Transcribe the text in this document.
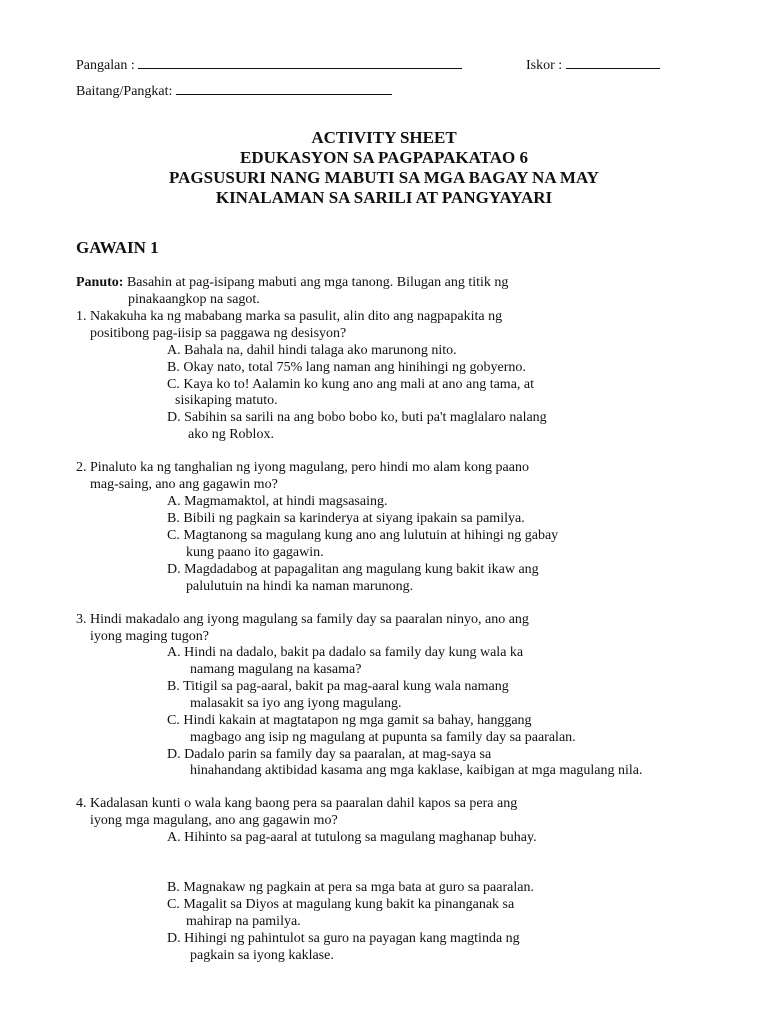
Pangalan :	Iskor :
Baitang/Pangkat:
ACTIVITY SHEET
EDUKASYON SA PAGPAPAKATAO 6
PAGSUSURI NANG MABUTI SA MGA BAGAY NA MAY
KINALAMAN SA SARILI AT PANGYAYARI
GAWAIN 1
Panuto: Basahin at pag-isipang mabuti ang mga tanong. Bilugan ang titik ng
pinakaangkop na sagot.
1. Nakakuha ka ng mababang marka sa pasulit, alin dito ang nagpapakita ng
positibong pag-iisip sa paggawa ng desisyon?
A. Bahala na, dahil hindi talaga ako marunong nito.
B. Okay nato, total 75% lang naman ang hinihingi ng gobyerno.
C. Kaya ko to! Aalamin ko kung ano ang mali at ano ang tama, at
sisikaping matuto.
D. Sabihin sa sarili na ang bobo bobo ko, buti pa't maglalaro nalang
ako ng Roblox.
2. Pinaluto ka ng tanghalian ng iyong magulang, pero hindi mo alam kong paano
mag-saing, ano ang gagawin mo?
A. Magmamaktol, at hindi magsasaing.
B. Bibili ng pagkain sa karinderya at siyang ipakain sa pamilya.
C. Magtanong sa magulang kung ano ang lulutuin at hihingi ng gabay
kung paano ito gagawin.
D. Magdadabog at papagalitan ang magulang kung bakit ikaw ang
palulutuin na hindi ka naman marunong.
3. Hindi makadalo ang iyong magulang sa family day sa paaralan ninyo, ano ang
iyong maging tugon?
A. Hindi na dadalo, bakit pa dadalo sa family day kung wala ka
namang magulang na kasama?
B. Titigil sa pag-aaral, bakit pa mag-aaral kung wala namang
malasakit sa iyo ang iyong magulang.
C. Hindi kakain at magtatapon ng mga gamit sa bahay, hanggang
magbago ang isip ng magulang at pupunta sa family day sa paaralan.
D. Dadalo parin sa family day sa paaralan, at mag-saya sa
hinahandang aktibidad kasama ang mga kaklase, kaibigan at mga magulang nila.
4. Kadalasan kunti o wala kang baong pera sa paaralan dahil kapos sa pera ang
iyong mga magulang, ano ang gagawin mo?
A. Hihinto sa pag-aaral at tutulong sa magulang maghanap buhay.
B. Magnakaw ng pagkain at pera sa mga bata at guro sa paaralan.
C. Magalit sa Diyos at magulang kung bakit ka pinanganak sa
mahirap na pamilya.
D. Hihingi ng pahintulot sa guro na payagan kang magtinda ng
pagkain sa iyong kaklase.
